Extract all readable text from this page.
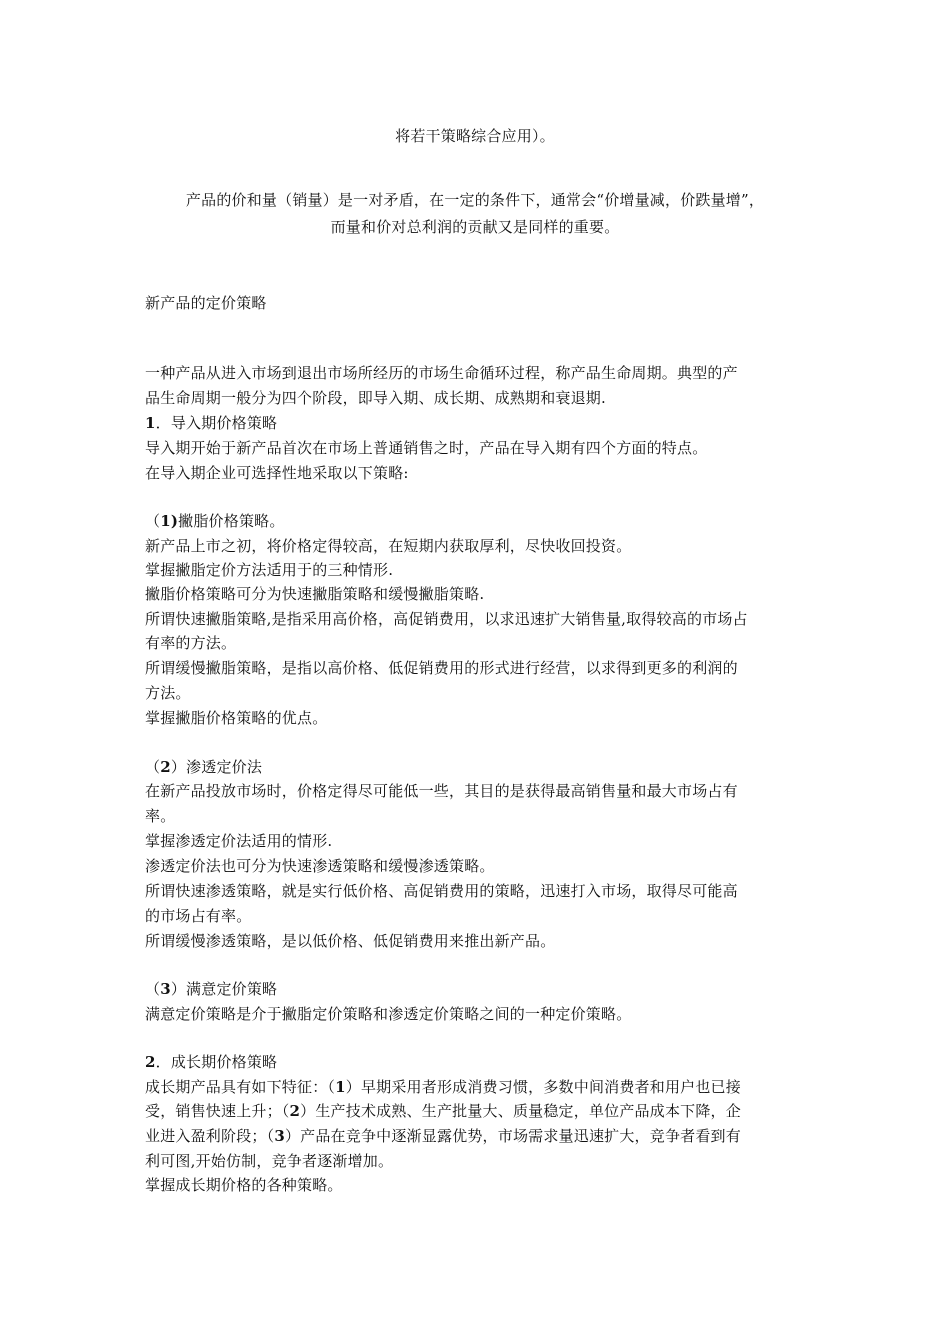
将若干策略综合应用）。
产品的价和量（销量）是一对矛盾，在一定的条件下，通常会“价增量减，价跌量增”，
而量和价对总利润的贡献又是同样的重要。
新产品的定价策略
一种产品从进入市场到退出市场所经历的市场生命循环过程，称产品生命周期。典型的产
品生命周期一般分为四个阶段，即导入期、成长期、成熟期和衰退期.
1．导入期价格策略
导入期开始于新产品首次在市场上普通销售之时，产品在导入期有四个方面的特点。
在导入期企业可选择性地采取以下策略:
（1)撇脂价格策略。
新产品上市之初，将价格定得较高，在短期内获取厚利，尽快收回投资。
掌握撇脂定价方法适用于的三种情形.
撇脂价格策略可分为快速撇脂策略和缓慢撇脂策略.
所谓快速撇脂策略,是指采用高价格，高促销费用，以求迅速扩大销售量,取得较高的市场占
有率的方法。
所谓缓慢撇脂策略，是指以高价格、低促销费用的形式进行经营，以求得到更多的利润的
方法。
掌握撇脂价格策略的优点。
（2）渗透定价法
在新产品投放市场时，价格定得尽可能低一些，其目的是获得最高销售量和最大市场占有
率。
掌握渗透定价法适用的情形.
渗透定价法也可分为快速渗透策略和缓慢渗透策略。
所谓快速渗透策略，就是实行低价格、高促销费用的策略，迅速打入市场，取得尽可能高
的市场占有率。
所谓缓慢渗透策略，是以低价格、低促销费用来推出新产品。
（3）满意定价策略
满意定价策略是介于撇脂定价策略和渗透定价策略之间的一种定价策略。
2．成长期价格策略
成长期产品具有如下特征：（1）早期采用者形成消费习惯，多数中间消费者和用户也已接
受，销售快速上升；（2）生产技术成熟、生产批量大、质量稳定，单位产品成本下降，企
业进入盈利阶段；（3）产品在竞争中逐渐显露优势，市场需求量迅速扩大，竞争者看到有
利可图,开始仿制，竞争者逐渐增加。
掌握成长期价格的各种策略。
